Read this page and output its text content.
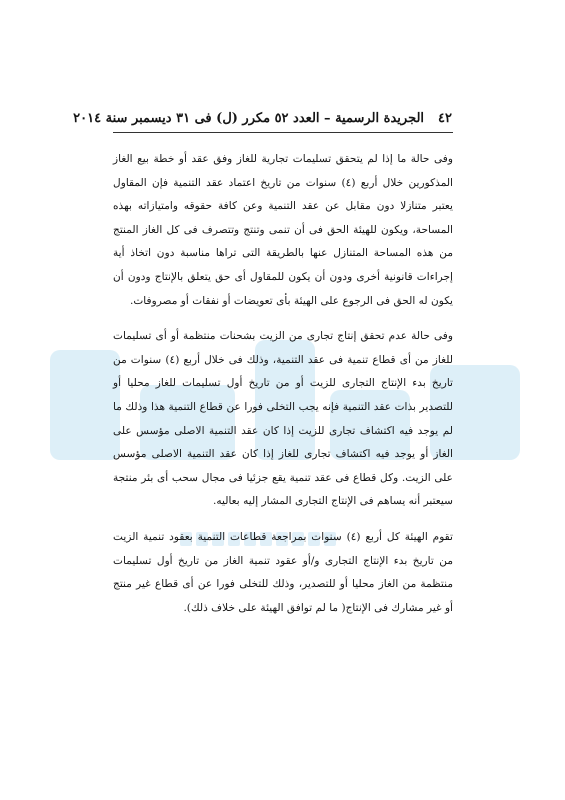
٤٢
الجريدة الرسمية – العدد ٥٢ مكرر (ل) فى ٣١ ديسمبر سنة ٢٠١٤

وفى حالة ما إذا لم يتحقق تسليمات تجارية للغاز وفق عقد أو خطة بيع الغاز المذكورين خلال أربع (٤) سنوات من تاريخ اعتماد عقد التنمية فإن المقاول يعتبر متنازلا دون مقابل عن عقد التنمية وعن كافة حقوقه وامتيازاته بهذه المساحة، ويكون للهيئة الحق فى أن تنمى وتنتج وتتصرف فى كل الغاز المنتج من هذه المساحة المتنازل عنها بالطريقة التى تراها مناسبة دون اتخاذ أية إجراءات قانونية أخرى ودون أن يكون للمقاول أى حق يتعلق بالإنتاج ودون أن يكون له الحق فى الرجوع على الهيئة بأى تعويضات أو نفقات أو مصروفات.

وفى حالة عدم تحقق إنتاج تجارى من الزيت بشحنات منتظمة أو أى تسليمات للغاز من أى قطاع تنمية فى عقد التنمية، وذلك فى خلال أربع (٤) سنوات من تاريخ بدء الإنتاج التجارى للزيت أو من تاريخ أول تسليمات للغاز محليا أو للتصدير بذات عقد التنمية فإنه يجب التخلى فورا عن قطاع التنمية هذا وذلك ما لم يوجد فيه اكتشاف تجارى للزيت إذا كان عقد التنمية الاصلى مؤسس على الغاز أو يوجد فيه اكتشاف تجارى للغاز إذا كان عقد التنمية الاصلى مؤسس على الزيت. وكل قطاع فى عقد تنمية يقع جزئيا فى مجال سحب أى بئر منتجة سيعتبر أنه يساهم فى الإنتاج التجارى المشار إليه بعاليه.

تقوم الهيئة كل أربع (٤) سنوات بمراجعة قطاعات التنمية بعقود تنمية الزيت من تاريخ بدء الإنتاج التجارى و/أو عقود تنمية الغاز من تاريخ أول تسليمات منتظمة من الغاز محليا أو للتصدير، وذلك للتخلى فورا عن أى قطاع غير منتج أو غير مشارك فى الإنتاج( ما لم توافق الهيئة على خلاف ذلك).
